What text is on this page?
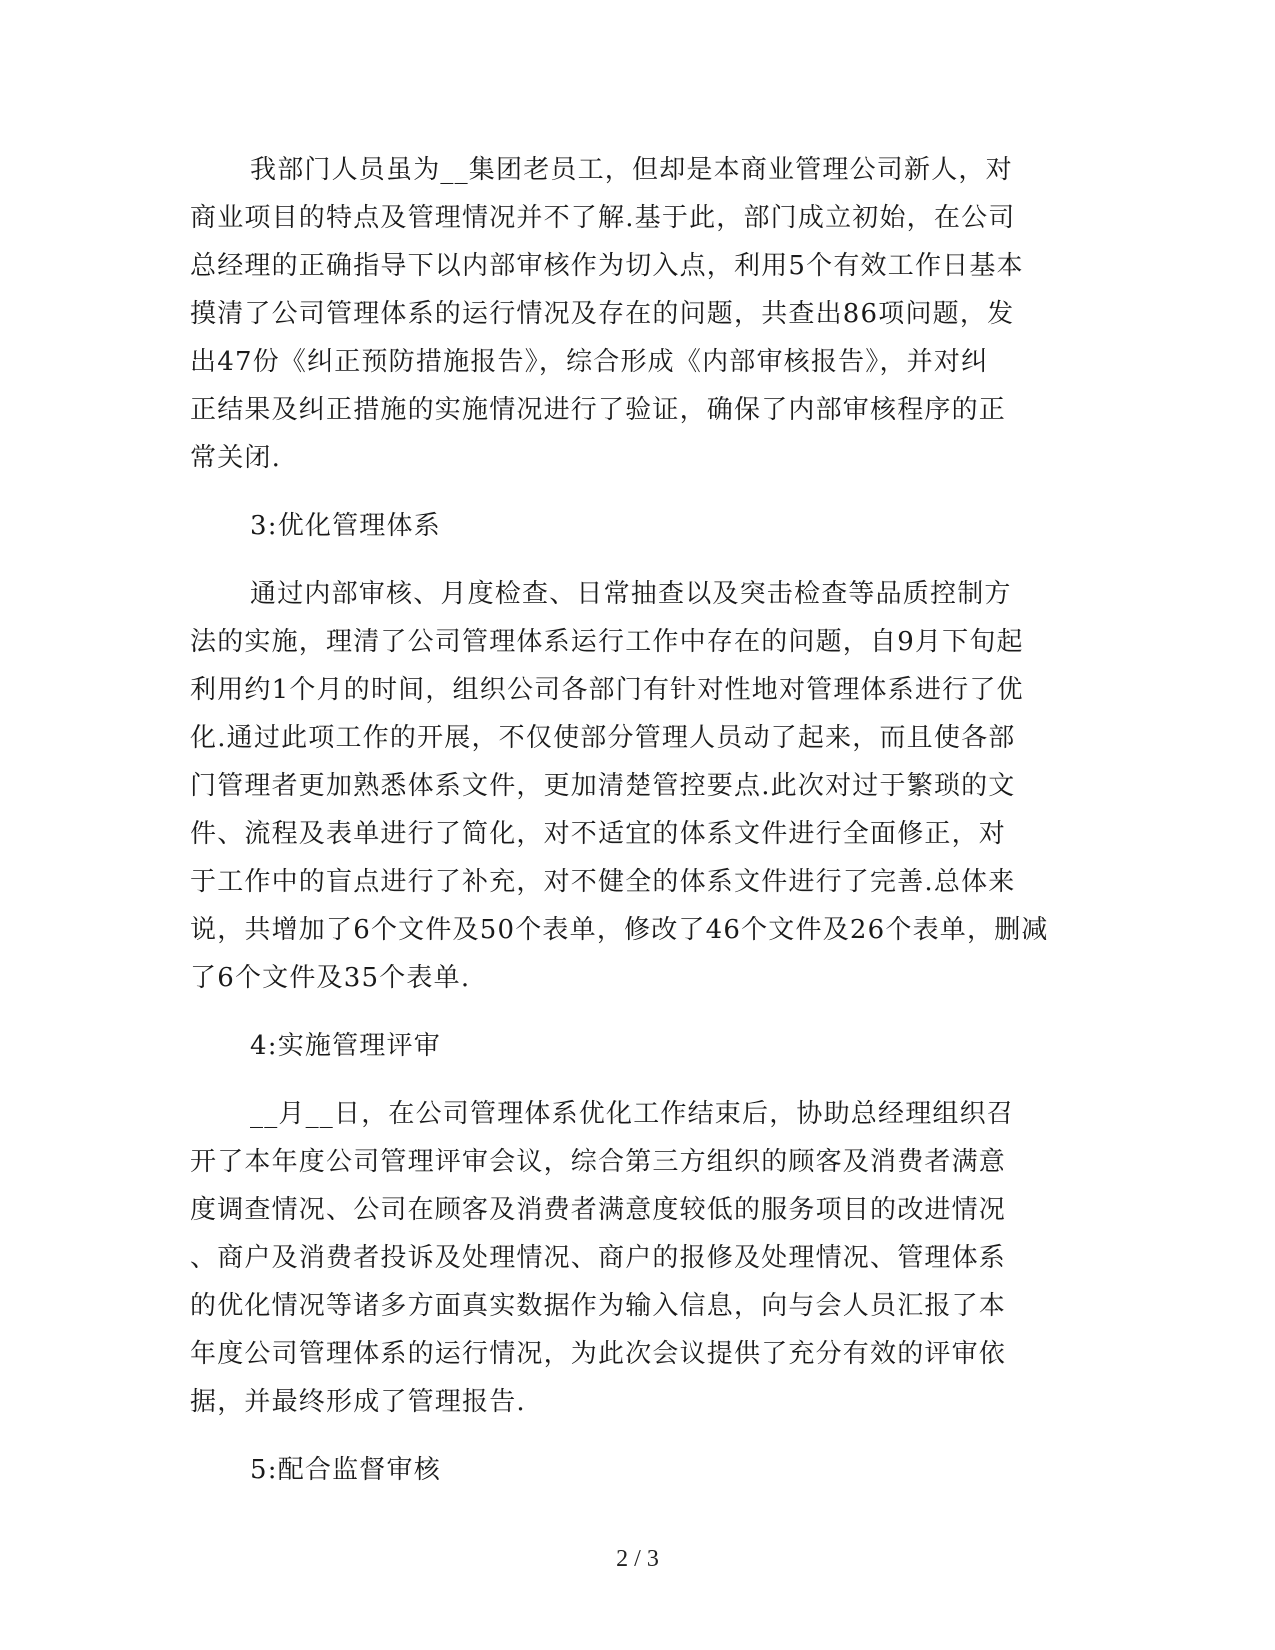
我部门人员虽为__集团老员工，但却是本商业管理公司新人，对
商业项目的特点及管理情况并不了解.基于此，部门成立初始，在公司
总经理的正确指导下以内部审核作为切入点，利用5个有效工作日基本
摸清了公司管理体系的运行情况及存在的问题，共查出86项问题，发
出47份《纠正预防措施报告》，综合形成《内部审核报告》，并对纠
正结果及纠正措施的实施情况进行了验证，确保了内部审核程序的正
常关闭.
3:优化管理体系
通过内部审核、月度检查、日常抽查以及突击检查等品质控制方
法的实施，理清了公司管理体系运行工作中存在的问题，自9月下旬起
利用约1个月的时间，组织公司各部门有针对性地对管理体系进行了优
化.通过此项工作的开展，不仅使部分管理人员动了起来，而且使各部
门管理者更加熟悉体系文件，更加清楚管控要点.此次对过于繁琐的文
件、流程及表单进行了简化，对不适宜的体系文件进行全面修正，对
于工作中的盲点进行了补充，对不健全的体系文件进行了完善.总体来
说，共增加了6个文件及50个表单，修改了46个文件及26个表单，删减
了6个文件及35个表单.
4:实施管理评审
__月__日，在公司管理体系优化工作结束后，协助总经理组织召
开了本年度公司管理评审会议，综合第三方组织的顾客及消费者满意
度调查情况、公司在顾客及消费者满意度较低的服务项目的改进情况
、商户及消费者投诉及处理情况、商户的报修及处理情况、管理体系
的优化情况等诸多方面真实数据作为输入信息，向与会人员汇报了本
年度公司管理体系的运行情况，为此次会议提供了充分有效的评审依
据，并最终形成了管理报告.
5:配合监督审核
2 / 3
